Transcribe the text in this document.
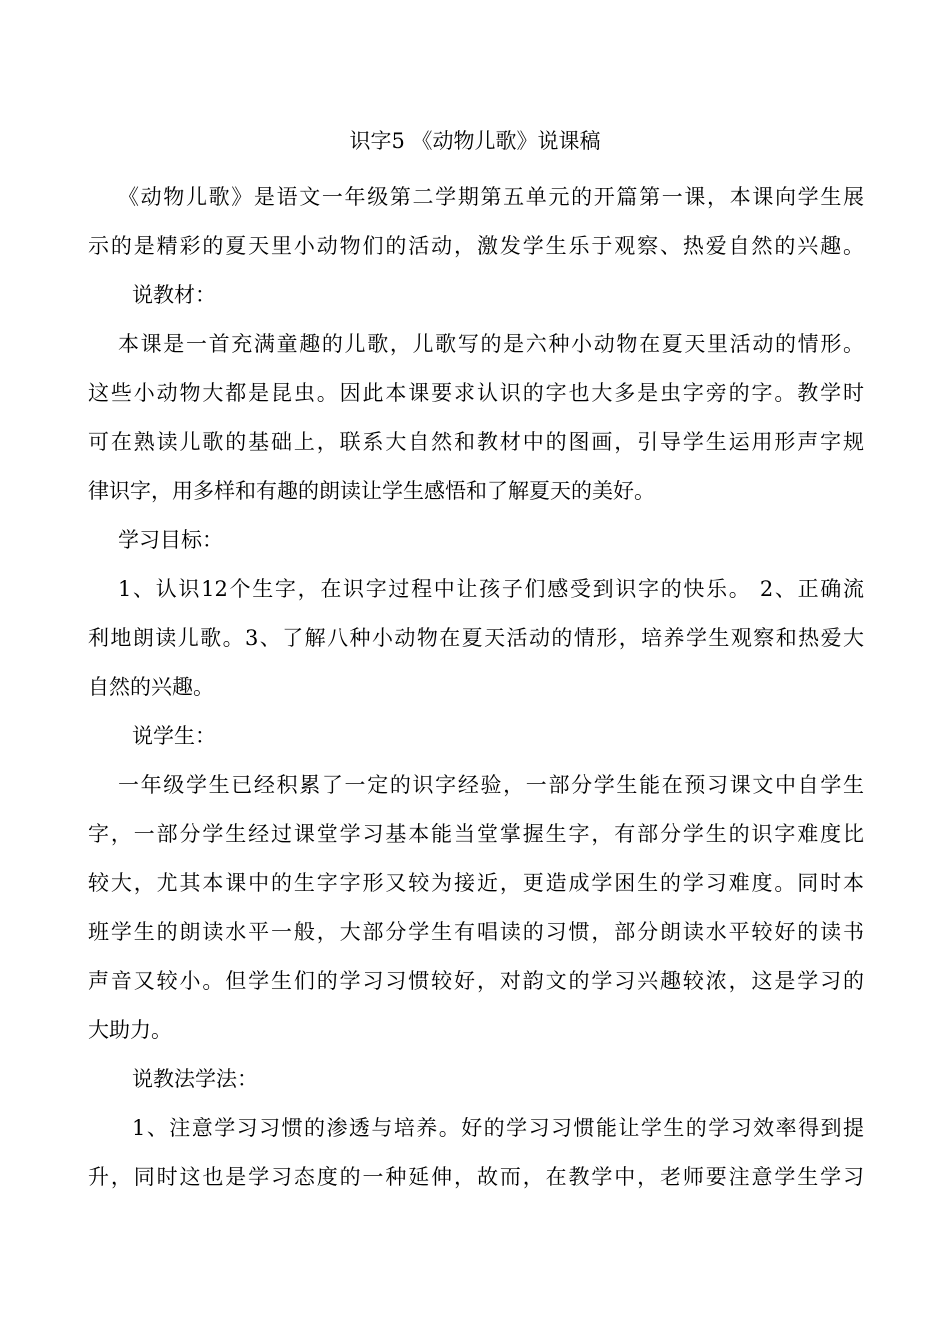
识字5 《动物儿歌》说课稿
《动物儿歌》是语文一年级第二学期第五单元的开篇第一课，本课向学生展
示的是精彩的夏天里小动物们的活动，激发学生乐于观察、热爱自然的兴趣。
说教材：
本课是一首充满童趣的儿歌，儿歌写的是六种小动物在夏天里活动的情形。
这些小动物大都是昆虫。因此本课要求认识的字也大多是虫字旁的字。教学时
可在熟读儿歌的基础上，联系大自然和教材中的图画，引导学生运用形声字规
律识字，用多样和有趣的朗读让学生感悟和了解夏天的美好。
学习目标：
1、认识12个生字，在识字过程中让孩子们感受到识字的快乐。 2、正确流
利地朗读儿歌。3、了解八种小动物在夏天活动的情形，培养学生观察和热爱大
自然的兴趣。
说学生：
一年级学生已经积累了一定的识字经验，一部分学生能在预习课文中自学生
字，一部分学生经过课堂学习基本能当堂掌握生字，有部分学生的识字难度比
较大，尤其本课中的生字字形又较为接近，更造成学困生的学习难度。同时本
班学生的朗读水平一般，大部分学生有唱读的习惯，部分朗读水平较好的读书
声音又较小。但学生们的学习习惯较好，对韵文的学习兴趣较浓，这是学习的
大助力。
说教法学法：
1、注意学习习惯的渗透与培养。好的学习习惯能让学生的学习效率得到提
升，同时这也是学习态度的一种延伸，故而，在教学中，老师要注意学生学习
